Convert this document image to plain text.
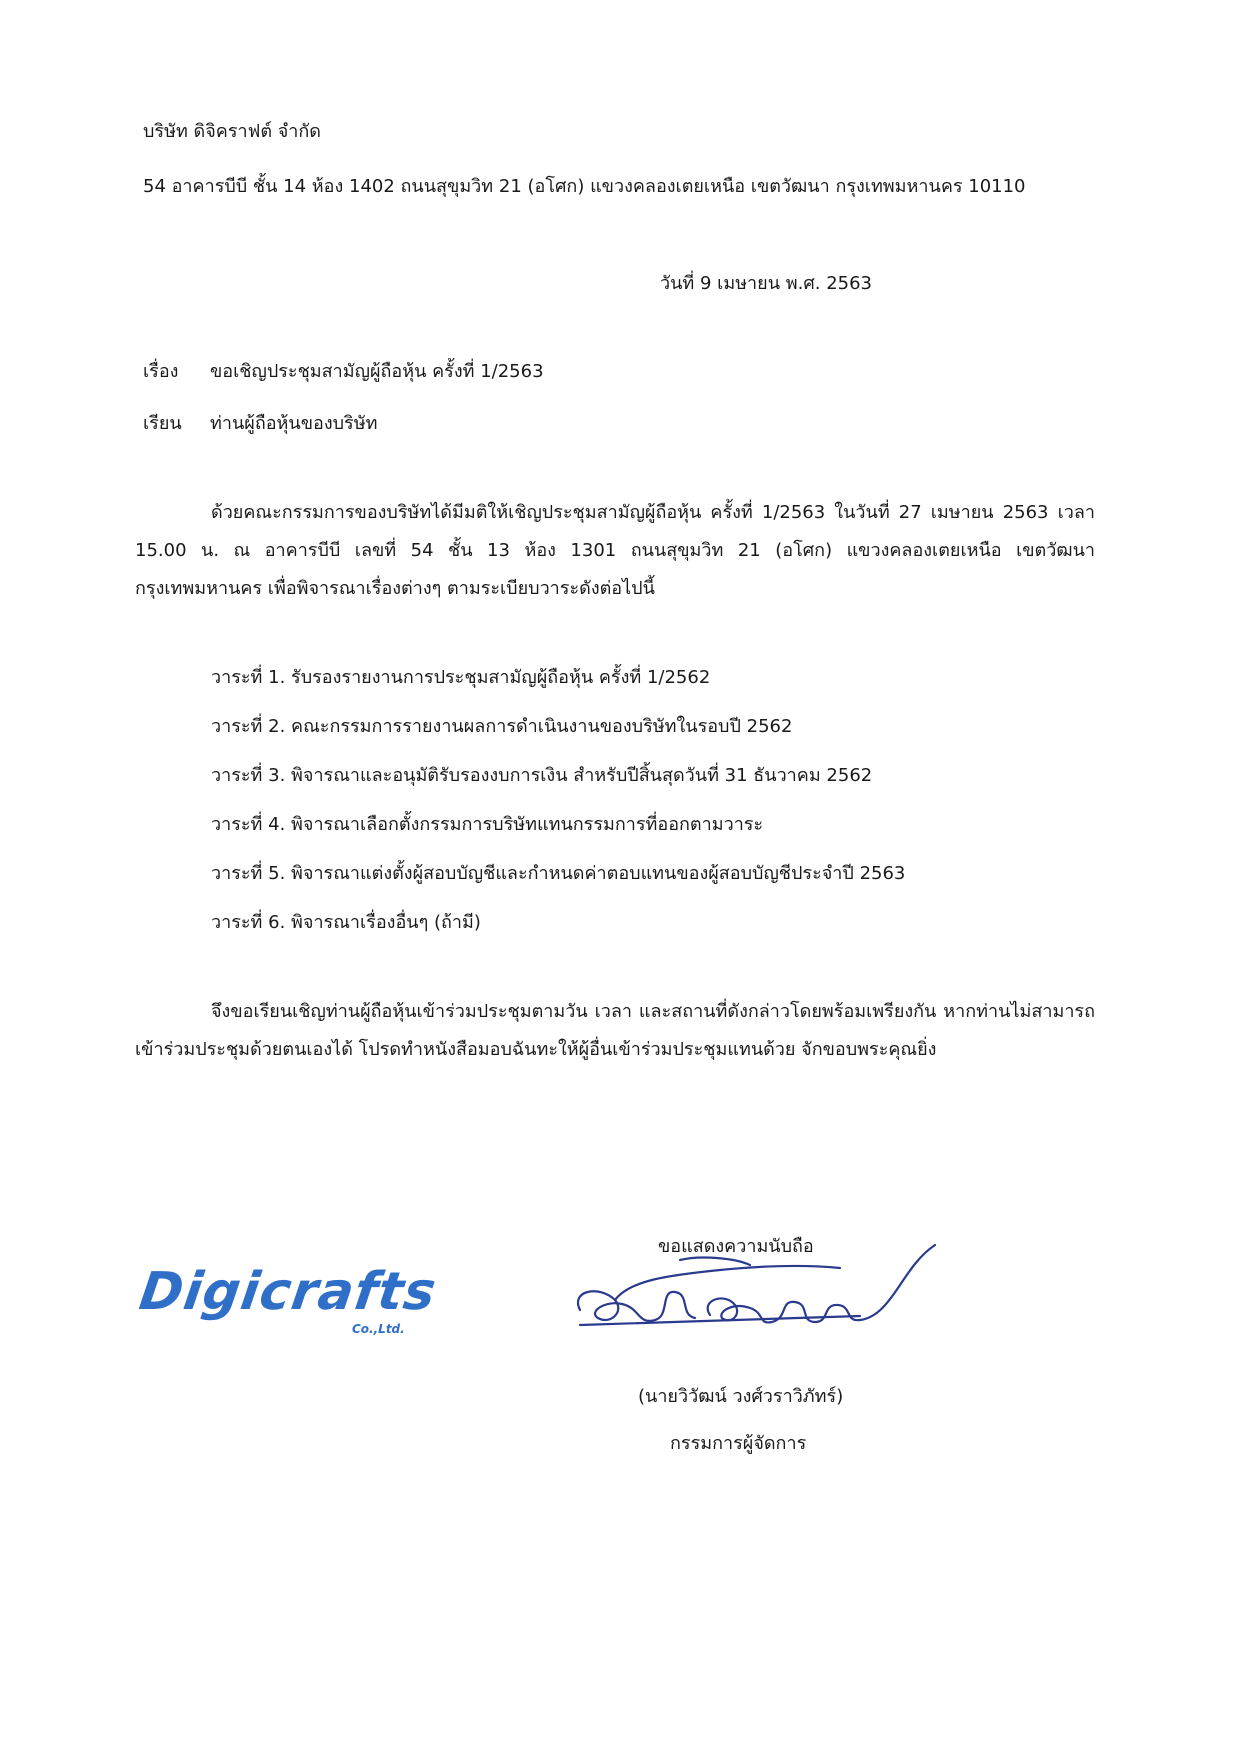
บริษัท ดิจิคราฟต์ จำกัด
54 อาคารบีบี ชั้น 14 ห้อง 1402 ถนนสุขุมวิท 21 (อโศก) แขวงคลองเตยเหนือ เขตวัฒนา กรุงเทพมหานคร 10110
วันที่ 9 เมษายน พ.ศ. 2563
เรื่อง ขอเชิญประชุมสามัญผู้ถือหุ้น ครั้งที่ 1/2563
เรียน ท่านผู้ถือหุ้นของบริษัท
ด้วยคณะกรรมการของบริษัทได้มีมติให้เชิญประชุมสามัญผู้ถือหุ้น ครั้งที่ 1/2563 ในวันที่ 27 เมษายน 2563 เวลา 15.00 น. ณ อาคารบีบี เลขที่ 54 ชั้น 13 ห้อง 1301 ถนนสุขุมวิท 21 (อโศก) แขวงคลองเตยเหนือ เขตวัฒนา กรุงเทพมหานคร เพื่อพิจารณาเรื่องต่างๆ ตามระเบียบวาระดังต่อไปนี้
วาระที่ 1. รับรองรายงานการประชุมสามัญผู้ถือหุ้น ครั้งที่ 1/2562
วาระที่ 2. คณะกรรมการรายงานผลการดำเนินงานของบริษัทในรอบปี 2562
วาระที่ 3. พิจารณาและอนุมัติรับรองงบการเงิน สำหรับปีสิ้นสุดวันที่ 31 ธันวาคม 2562
วาระที่ 4. พิจารณาเลือกตั้งกรรมการบริษัทแทนกรรมการที่ออกตามวาระ
วาระที่ 5. พิจารณาแต่งตั้งผู้สอบบัญชีและกำหนดค่าตอบแทนของผู้สอบบัญชีประจำปี 2563
วาระที่ 6. พิจารณาเรื่องอื่นๆ (ถ้ามี)
จึงขอเรียนเชิญท่านผู้ถือหุ้นเข้าร่วมประชุมตามวัน เวลา และสถานที่ดังกล่าวโดยพร้อมเพรียงกัน หากท่านไม่สามารถเข้าร่วมประชุมด้วยตนเองได้ โปรดทำหนังสือมอบฉันทะให้ผู้อื่นเข้าร่วมประชุมแทนด้วย จักขอบพระคุณยิ่ง
Digicrafts
Co.,Ltd.
ขอแสดงความนับถือ
(นายวิวัฒน์ วงศ์วราวิภัทร์)
กรรมการผู้จัดการ
